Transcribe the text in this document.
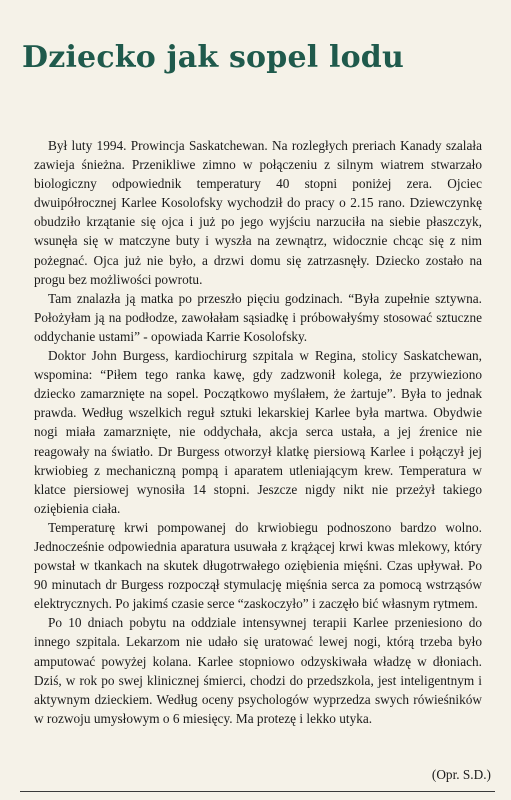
Dziecko jak sopel lodu

Był luty 1994. Prowincja Saskatchewan. Na rozległych preriach Kanady szalała zawieja śnieżna. Przenikliwe zimno w połączeniu z silnym wiatrem stwarzało biologiczny odpowiednik temperatury 40 stopni poniżej zera. Ojciec dwuipółrocznej Karlee Kosolofsky wychodził do pracy o 2.15 rano. Dziewczynkę obudziło krzątanie się ojca i już po jego wyjściu narzuciła na siebie płaszczyk, wsunęła się w matczyne buty i wyszła na zewnątrz, widocznie chcąc się z nim pożegnać. Ojca już nie było, a drzwi domu się zatrzasnęły. Dziecko zostało na progu bez możliwości powrotu.

Tam znalazła ją matka po przeszło pięciu godzinach. “Była zupełnie sztywna. Położyłam ją na podłodze, zawołałam sąsiadkę i próbowałyśmy stosować sztuczne oddychanie ustami” - opowiada Karrie Kosolofsky.

Doktor John Burgess, kardiochirurg szpitala w Regina, stolicy Saskatchewan, wspomina: “Piłem tego ranka kawę, gdy zadzwonił kolega, że przywieziono dziecko zamarznięte na sopel. Początkowo myślałem, że żartuje”. Była to jednak prawda. Według wszelkich reguł sztuki lekarskiej Karlee była martwa. Obydwie nogi miała zamarznięte, nie oddychała, akcja serca ustała, a jej źrenice nie reagowały na światło. Dr Burgess otworzył klatkę piersiową Karlee i połączył jej krwiobieg z mechaniczną pompą i aparatem utleniającym krew. Temperatura w klatce piersiowej wynosiła 14 stopni. Jeszcze nigdy nikt nie przeżył takiego oziębienia ciała.

Temperaturę krwi pompowanej do krwiobiegu podnoszono bardzo wolno. Jednocześnie odpowiednia aparatura usuwała z krążącej krwi kwas mlekowy, który powstał w tkankach na skutek długotrwałego oziębienia mięśni. Czas upływał. Po 90 minutach dr Burgess rozpoczął stymulację mięśnia serca za pomocą wstrząsów elektrycznych. Po jakimś czasie serce “zaskoczyło” i zaczęło bić własnym rytmem.

Po 10 dniach pobytu na oddziale intensywnej terapii Karlee przeniesiono do innego szpitala. Lekarzom nie udało się uratować lewej nogi, którą trzeba było amputować powyżej kolana. Karlee stopniowo odzyskiwała władzę w dłoniach. Dziś, w rok po swej klinicznej śmierci, chodzi do przedszkola, jest inteligentnym i aktywnym dzieckiem. Według oceny psychologów wyprzedza swych rówieśników w rozwoju umysłowym o 6 miesięcy. Ma protezę i lekko utyka.

(Opr. S.D.)
